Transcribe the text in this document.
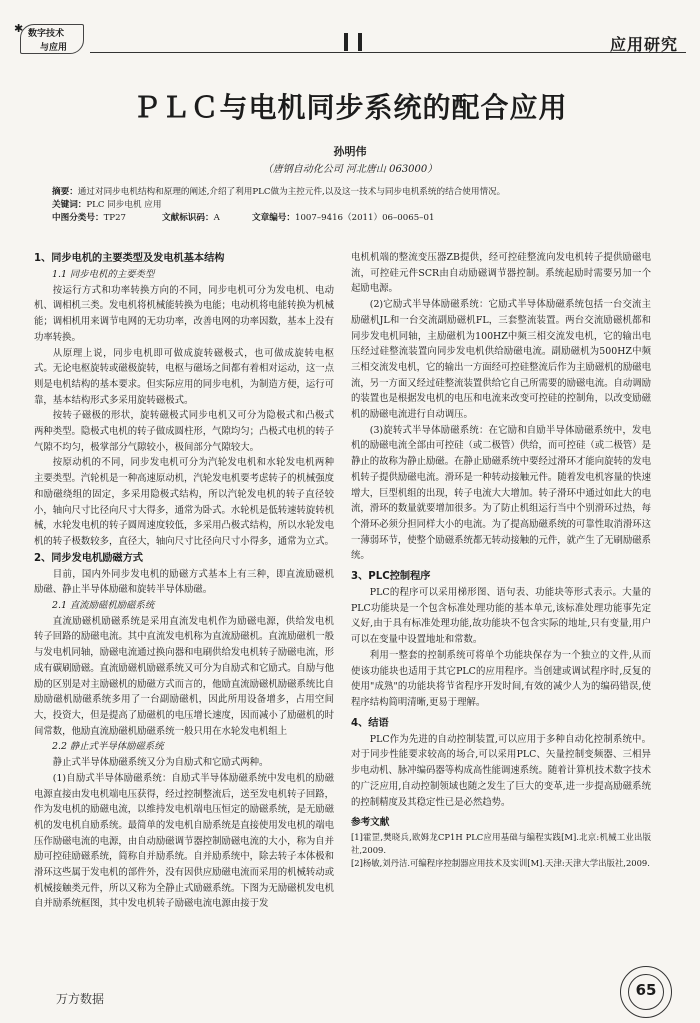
✱ 数字技术
与应用	应用研究
ＰＬＣ与电机同步系统的配合应用
孙明伟
（唐钢自动化公司 河北唐山 063000）
摘要：通过对同步电机结构和原理的阐述,介绍了利用PLC做为主控元件,以及这一技术与同步电机系统的结合使用情况。
关键词：PLC 同步电机 应用
中图分类号：TP27	文献标识码：A	文章编号：1007–9416（2011）06–0065–01
1、同步电机的主要类型及发电机基本结构
1.1 同步电机的主要类型

按运行方式和功率转换方向的不同，同步电机可分为发电机、电动机、调相机三类。发电机将机械能转换为电能；电动机将电能转换为机械能；调相机用来调节电网的无功功率，改善电网的功率因数，基本上没有功率转换。

从原理上说，同步电机即可做成旋转磁极式，也可做成旋转电枢式。无论电枢旋转或磁极旋转，电枢与磁场之间都有着相对运动，这一点则是电机结构的基本要求。但实际应用的同步电机，为制造方便，运行可靠，基本结构形式多采用旋转磁极式。

按转子磁极的形状，旋转磁极式同步电机又可分为隐极式和凸极式两种类型。隐极式电机的转子做成圆柱形，气隙均匀；凸极式电机的转子气隙不均匀，极掌部分气隙较小，极间部分气隙较大。

按原动机的不同，同步发电机可分为汽轮发电机和水轮发电机两种主要类型。汽轮机是一种高速原动机，汽轮发电机要考虑转子的机械强度和励磁绕组的固定，多采用隐极式结构，所以汽轮发电机的转子直径较小，轴向尺寸比径向尺寸大得多，通常为卧式。水轮机是低转速转旋转机械，水轮发电机的转子圆周速度较低，多采用凸极式结构，所以水轮发电机的转子极数较多，直径大，轴向尺寸比径向尺寸小得多，通常为立式。

2、同步发电机励磁方式

目前，国内外同步发电机的励磁方式基本上有三种，即直流励磁机励磁、静止半导体励磁和旋转半导体励磁。

2.1 直流励磁机励磁系统

直流励磁机励磁系统是采用直流发电机作为励磁电源，供给发电机转子回路的励磁电流。其中直流发电机称为直流励磁机。直流励磁机一般与发电机同轴，励磁电流通过换向器和电刷供给发电机转子励磁电流，形成有碳刷励磁。直流励磁机励磁系统又可分为自励式和它励式。自励与他励的区别是对主励磁机的励磁方式而言的，他励直流励磁机励磁系统比自励励磁机励磁系统多用了一台副励磁机，因此所用设备增多，占用空间大，投资大，但是提高了励磁机的电压增长速度，因而减小了励磁机的时间常数，他励直流励磁机励磁系统一般只用在水轮发电机组上

2.2 静止式半导体励磁系统

静止式半导体励磁系统又分为自励式和它励式两种。

(1)自励式半导体励磁系统：自励式半导体励磁系统中发电机的励磁电源直接由发电机端电压获得，经过控制整流后，送至发电机转子回路，作为发电机的励磁电流，以维持发电机端电压恒定的励磁系统，是无励磁机的发电机自励系统。最简单的发电机自励系统是直接使用发电机的端电压作励磁电流的电源，由自动励磁调节器控制励磁电流的大小，称为自并励可控硅励磁系统，简称自并励系统。自并励系统中，除去转子本体极和滑环这些属于发电机的部件外，没有因供应励磁电流而采用的机械转动或机械接触类元件，所以又称为全静止式励磁系统。下图为无励磁机发电机自并励系统框图，其中发电机转子励磁电流电源由接于发

电机机端的整流变压器ZB提供，经可控硅整流向发电机转子提供励磁电流，可控硅元件SCR由自动励磁调节器控制。系统起励时需要另加一个起励电源。

(2)它励式半导体励磁系统：它励式半导体励磁系统包括一台交流主励磁机JL和一台交流副励磁机FL，三套整流装置。两台交流励磁机都和同步发电机同轴，主励磁机为100HZ中频三相交流发电机，它的输出电压经过硅整流装置向同步发电机供给励磁电流。副励磁机为500HZ中频三相交流发电机，它的输出一方面经可控硅整流后作为主励磁机的励磁电流，另一方面又经过硅整流装置供给它自己所需要的励磁电流。自动调励的装置也是根据发电机的电压和电流来改变可控硅的控制角，以改变励磁机的励磁电流进行自动调压。

(3)旋转式半导体励磁系统：在它励和自励半导体励磁系统中，发电机的励磁电流全部由可控硅（或二极管）供给，而可控硅（或二极管）是静止的故称为静止励磁。在静止励磁系统中要经过滑环才能向旋转的发电机转子提供励磁电流。滑环是一种转动接触元件。随着发电机容量的快速增大，巨型机组的出现，转子电流大大增加。转子滑环中通过如此大的电流，滑环的数量就要增加很多。为了防止机组运行当中个别滑环过热，每个滑环必须分担同样大小的电流。为了提高励磁系统的可靠性取消滑环这一薄弱环节，使整个励磁系统都无转动接触的元件，就产生了无刷励磁系统。

3、PLC控制程序

PLC的程序可以采用梯形图、语句表、功能块等形式表示。大量的PLC功能块是一个包含标准处理功能的基本单元,该标准处理功能事先定义好,由于具有标准处理功能,故功能块不包含实际的地址,只有变量,用户可以在变量中设置地址和常数。

利用一整套的控制系统可将单个功能块保存为一个独立的文件,从而使该功能块也适用于其它PLC的应用程序。当创建或调试程序时,反复的使用"成熟"的功能块将节省程序开发时间,有效的减少人为的编码错误,使程序结构简明清晰,更易于理解。

4、结语

PLC作为先进的自动控制装置,可以应用于多种自动化控制系统中。对于同步性能要求较高的场合,可以采用PLC、矢量控制变频器、三相异步电动机、脉冲编码器等构成高性能调速系统。随着计算机技术数字技术的广泛应用,自动控制领域也随之发生了巨大的变革,进一步提高励磁系统的控制精度及其稳定性已是必然趋势。

参考文献

[1]霍罡,樊晓兵,欧姆龙CP1H PLC应用基础与编程实践[M].北京:机械工业出版社,2009.

[2]杨敏,刘丹洁.可编程序控制器应用技术及实训[M].天津:天津大学出版社,2009.

万方数据	65
